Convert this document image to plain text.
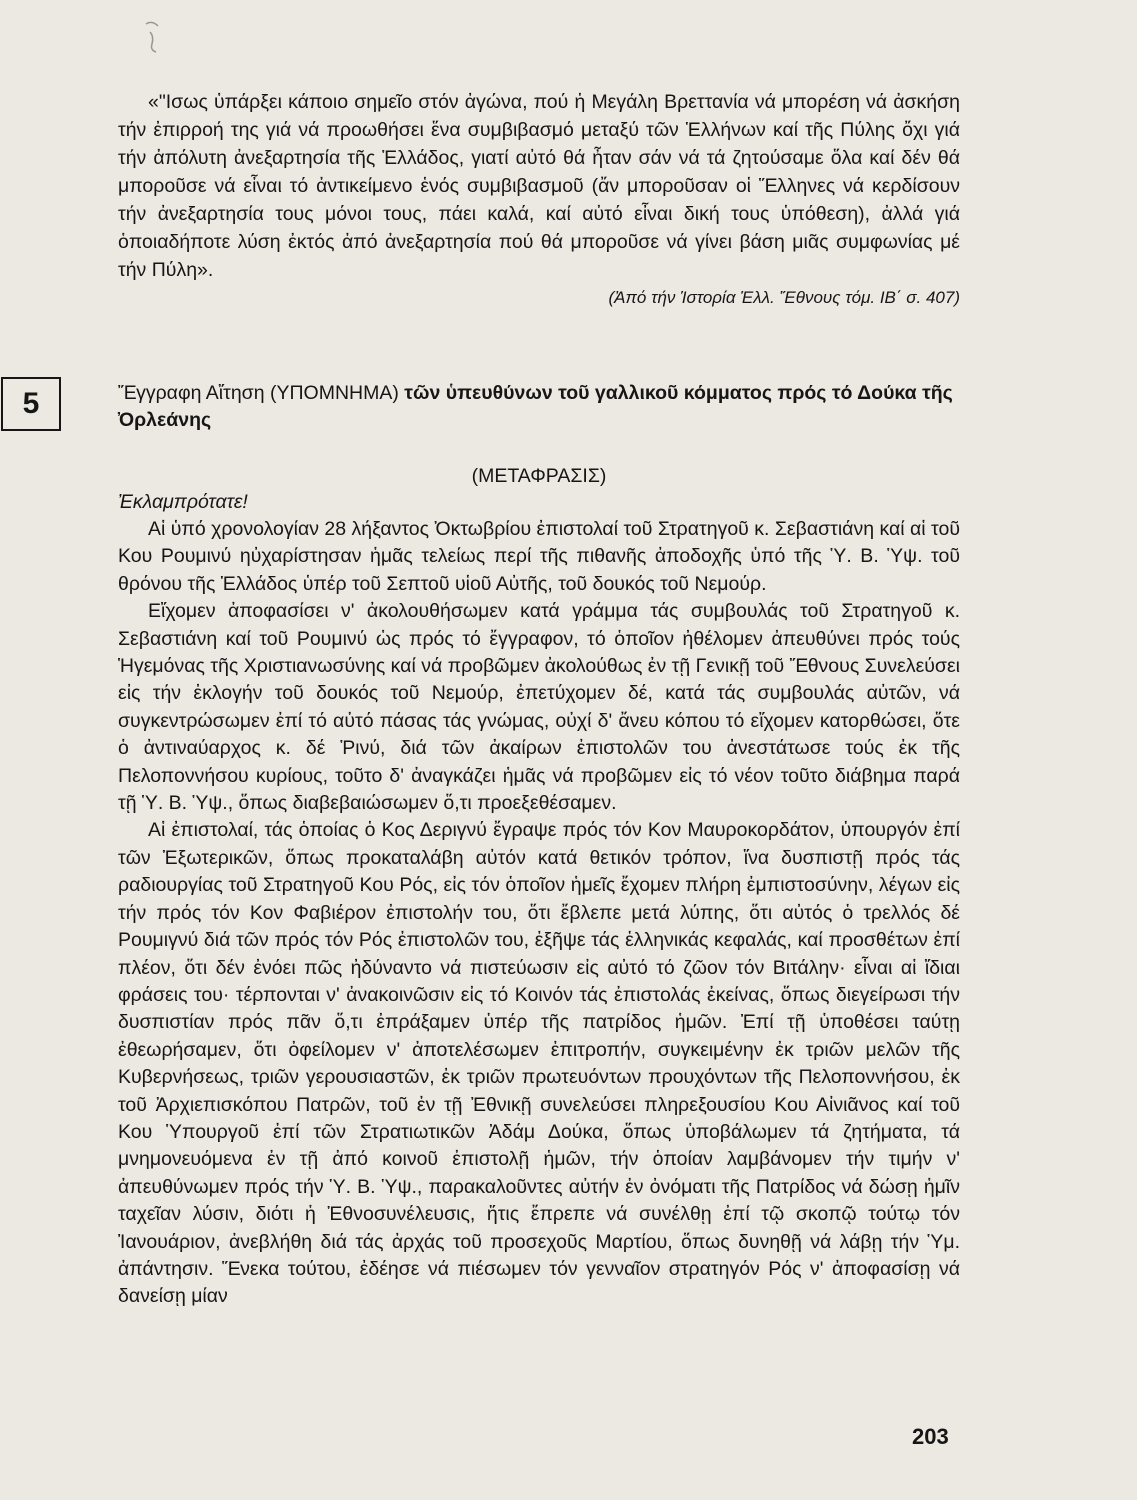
«"Ισως ὑπάρξει κάποιο σημεῖο στόν ἀγώνα, πού ἡ Μεγάλη Βρεττανία νά μπορέση νά ἀσκήση τήν ἐπιρροή της γιά νά προωθήσει ἕνα συμβιβασμό μεταξύ τῶν Ἑλλήνων καί τῆς Πύλης ὄχι γιά τήν ἀπόλυτη ἀνεξαρτησία τῆς Ἑλλάδος, γιατί αὐτό θά ἦταν σάν νά τά ζητούσαμε ὅλα καί δέν θά μποροῦσε νά εἶναι τό ἀντικείμενο ἑνός συμβιβασμοῦ (ἄν μποροῦσαν οἱ Ἕλληνες νά κερδίσουν τήν ἀνεξαρτησία τους μόνοι τους, πάει καλά, καί αὐτό εἶναι δική τους ὑπόθεση), ἀλλά γιά ὁποιαδήποτε λύση ἐκτός ἀπό ἀνεξαρτησία πού θά μποροῦσε νά γίνει βάση μιᾶς συμφωνίας μέ τήν Πύλη».

(Ἀπό τήν Ἱστορία Ἑλλ. Ἔθνους τόμ. ΙΒ΄ σ. 407)

5	Ἔγγραφη Αἴτηση (ΥΠΟΜΝΗΜΑ) τῶν ὑπευθύνων τοῦ γαλλικοῦ κόμματος πρός τό Δούκα τῆς Ὀρλεάνης
(ΜΕΤΑΦΡΑΣΙΣ)
Ἐκλαμπρότατε!

Αἱ ὑπό χρονολογίαν 28 λήξαντος Ὀκτωβρίου ἐπιστολαί τοῦ Στρατηγοῦ κ. Σεβαστιάνη καί αἱ τοῦ Κου Ρουμινύ ηὐχαρίστησαν ἡμᾶς τελείως περί τῆς πιθανῆς ἀποδοχῆς ὑπό τῆς Ὑ. Β. Ὑψ. τοῦ θρόνου τῆς Ἑλλάδος ὑπέρ τοῦ Σεπτοῦ υἱοῦ Αὐτῆς, τοῦ δουκός τοῦ Νεμούρ.

Εἴχομεν ἀποφασίσει ν' ἀκολουθήσωμεν κατά γράμμα τάς συμβουλάς τοῦ Στρατηγοῦ κ. Σεβαστιάνη καί τοῦ Ρουμινύ ὡς πρός τό ἔγγραφον, τό ὁποῖον ἠθέλομεν ἀπευθύνει πρός τούς Ἡγεμόνας τῆς Χριστιανωσύνης καί νά προβῶμεν ἀκολούθως ἐν τῇ Γενικῇ τοῦ Ἔθνους Συνελεύσει εἰς τήν ἐκλογήν τοῦ δουκός τοῦ Νεμούρ, ἐπετύχομεν δέ, κατά τάς συμβουλάς αὐτῶν, νά συγκεντρώσωμεν ἐπί τό αὐτό πάσας τάς γνώμας, οὐχί δ' ἄνευ κόπου τό εἴχομεν κατορθώσει, ὅτε ὁ ἀντιναύαρχος κ. δέ Ῥινύ, διά τῶν ἀκαίρων ἐπιστολῶν του ἀνεστάτωσε τούς ἐκ τῆς Πελοποννήσου κυρίους, τοῦτο δ' ἀναγκάζει ἡμᾶς νά προβῶμεν εἰς τό νέον τοῦτο διάβημα παρά τῇ Ὑ. Β. Ὑψ., ὅπως διαβεβαιώσωμεν ὅ,τι προεξεθέσαμεν.

Αἱ ἐπιστολαί, τάς ὁποίας ὁ Κος Δεριγνύ ἔγραψε πρός τόν Κον Μαυροκορδάτον, ὑπουργόν ἐπί τῶν Ἐξωτερικῶν, ὅπως προκαταλάβη αὐτόν κατά θετικόν τρόπον, ἵνα δυσπιστῇ πρός τάς ραδιουργίας τοῦ Στρατηγοῦ Κου Ρός, εἰς τόν ὁποῖον ἡμεῖς ἔχομεν πλήρη ἐμπιστοσύνην, λέγων εἰς τήν πρός τόν Κον Φαβιέρον ἐπιστολήν του, ὅτι ἔβλεπε μετά λύπης, ὅτι αὐτός ὁ τρελλός δέ Ρουμιγνύ διά τῶν πρός τόν Ρός ἐπιστολῶν του, ἐξῆψε τάς ἑλληνικάς κεφαλάς, καί προσθέτων ἐπί πλέον, ὅτι δέν ἐνόει πῶς ἠδύναντο νά πιστεύωσιν εἰς αὐτό τό ζῶον τόν Βιτάλην· εἶναι αἱ ἴδιαι φράσεις του· τέρπονται ν' ἀνακοινῶσιν εἰς τό Κοινόν τάς ἐπιστολάς ἐκείνας, ὅπως διεγείρωσι τήν δυσπιστίαν πρός πᾶν ὅ,τι ἐπράξαμεν ὑπέρ τῆς πατρίδος ἡμῶν. Ἐπί τῇ ὑποθέσει ταύτῃ ἐθεωρήσαμεν, ὅτι ὀφείλομεν ν' ἀποτελέσωμεν ἐπιτροπήν, συγκειμένην ἐκ τριῶν μελῶν τῆς Κυβερνήσεως, τριῶν γερουσιαστῶν, ἐκ τριῶν πρωτευόντων προυχόντων τῆς Πελοποννήσου, ἐκ τοῦ Ἀρχιεπισκόπου Πατρῶν, τοῦ ἐν τῇ Ἐθνικῇ συνελεύσει πληρεξουσίου Κου Αἰνιᾶνος καί τοῦ Κου Ὑπουργοῦ ἐπί τῶν Στρατιωτικῶν Ἀδάμ Δούκα, ὅπως ὑποβάλωμεν τά ζητήματα, τά μνημονευόμενα ἐν τῇ ἀπό κοινοῦ ἐπιστολῇ ἡμῶν, τήν ὁποίαν λαμβάνομεν τήν τιμήν ν' ἀπευθύνωμεν πρός τήν Ὑ. Β. Ὑψ., παρακαλοῦντες αὐτήν ἐν ὀνόματι τῆς Πατρίδος νά δώσῃ ἡμῖν ταχεῖαν λύσιν, διότι ἡ Ἐθνοσυνέλευσις, ἥτις ἔπρεπε νά συνέλθῃ ἐπί τῷ σκοπῷ τούτῳ τόν Ἰανουάριον, ἀνεβλήθη διά τάς ἀρχάς τοῦ προσεχοῦς Μαρτίου, ὅπως δυνηθῇ νά λάβῃ τήν Ὑμ. ἀπάντησιν. Ἕνεκα τούτου, ἐδέησε νά πιέσωμεν τόν γενναῖον στρατηγόν Ρός ν' ἀποφασίσῃ νά δανείσῃ μίαν

203
